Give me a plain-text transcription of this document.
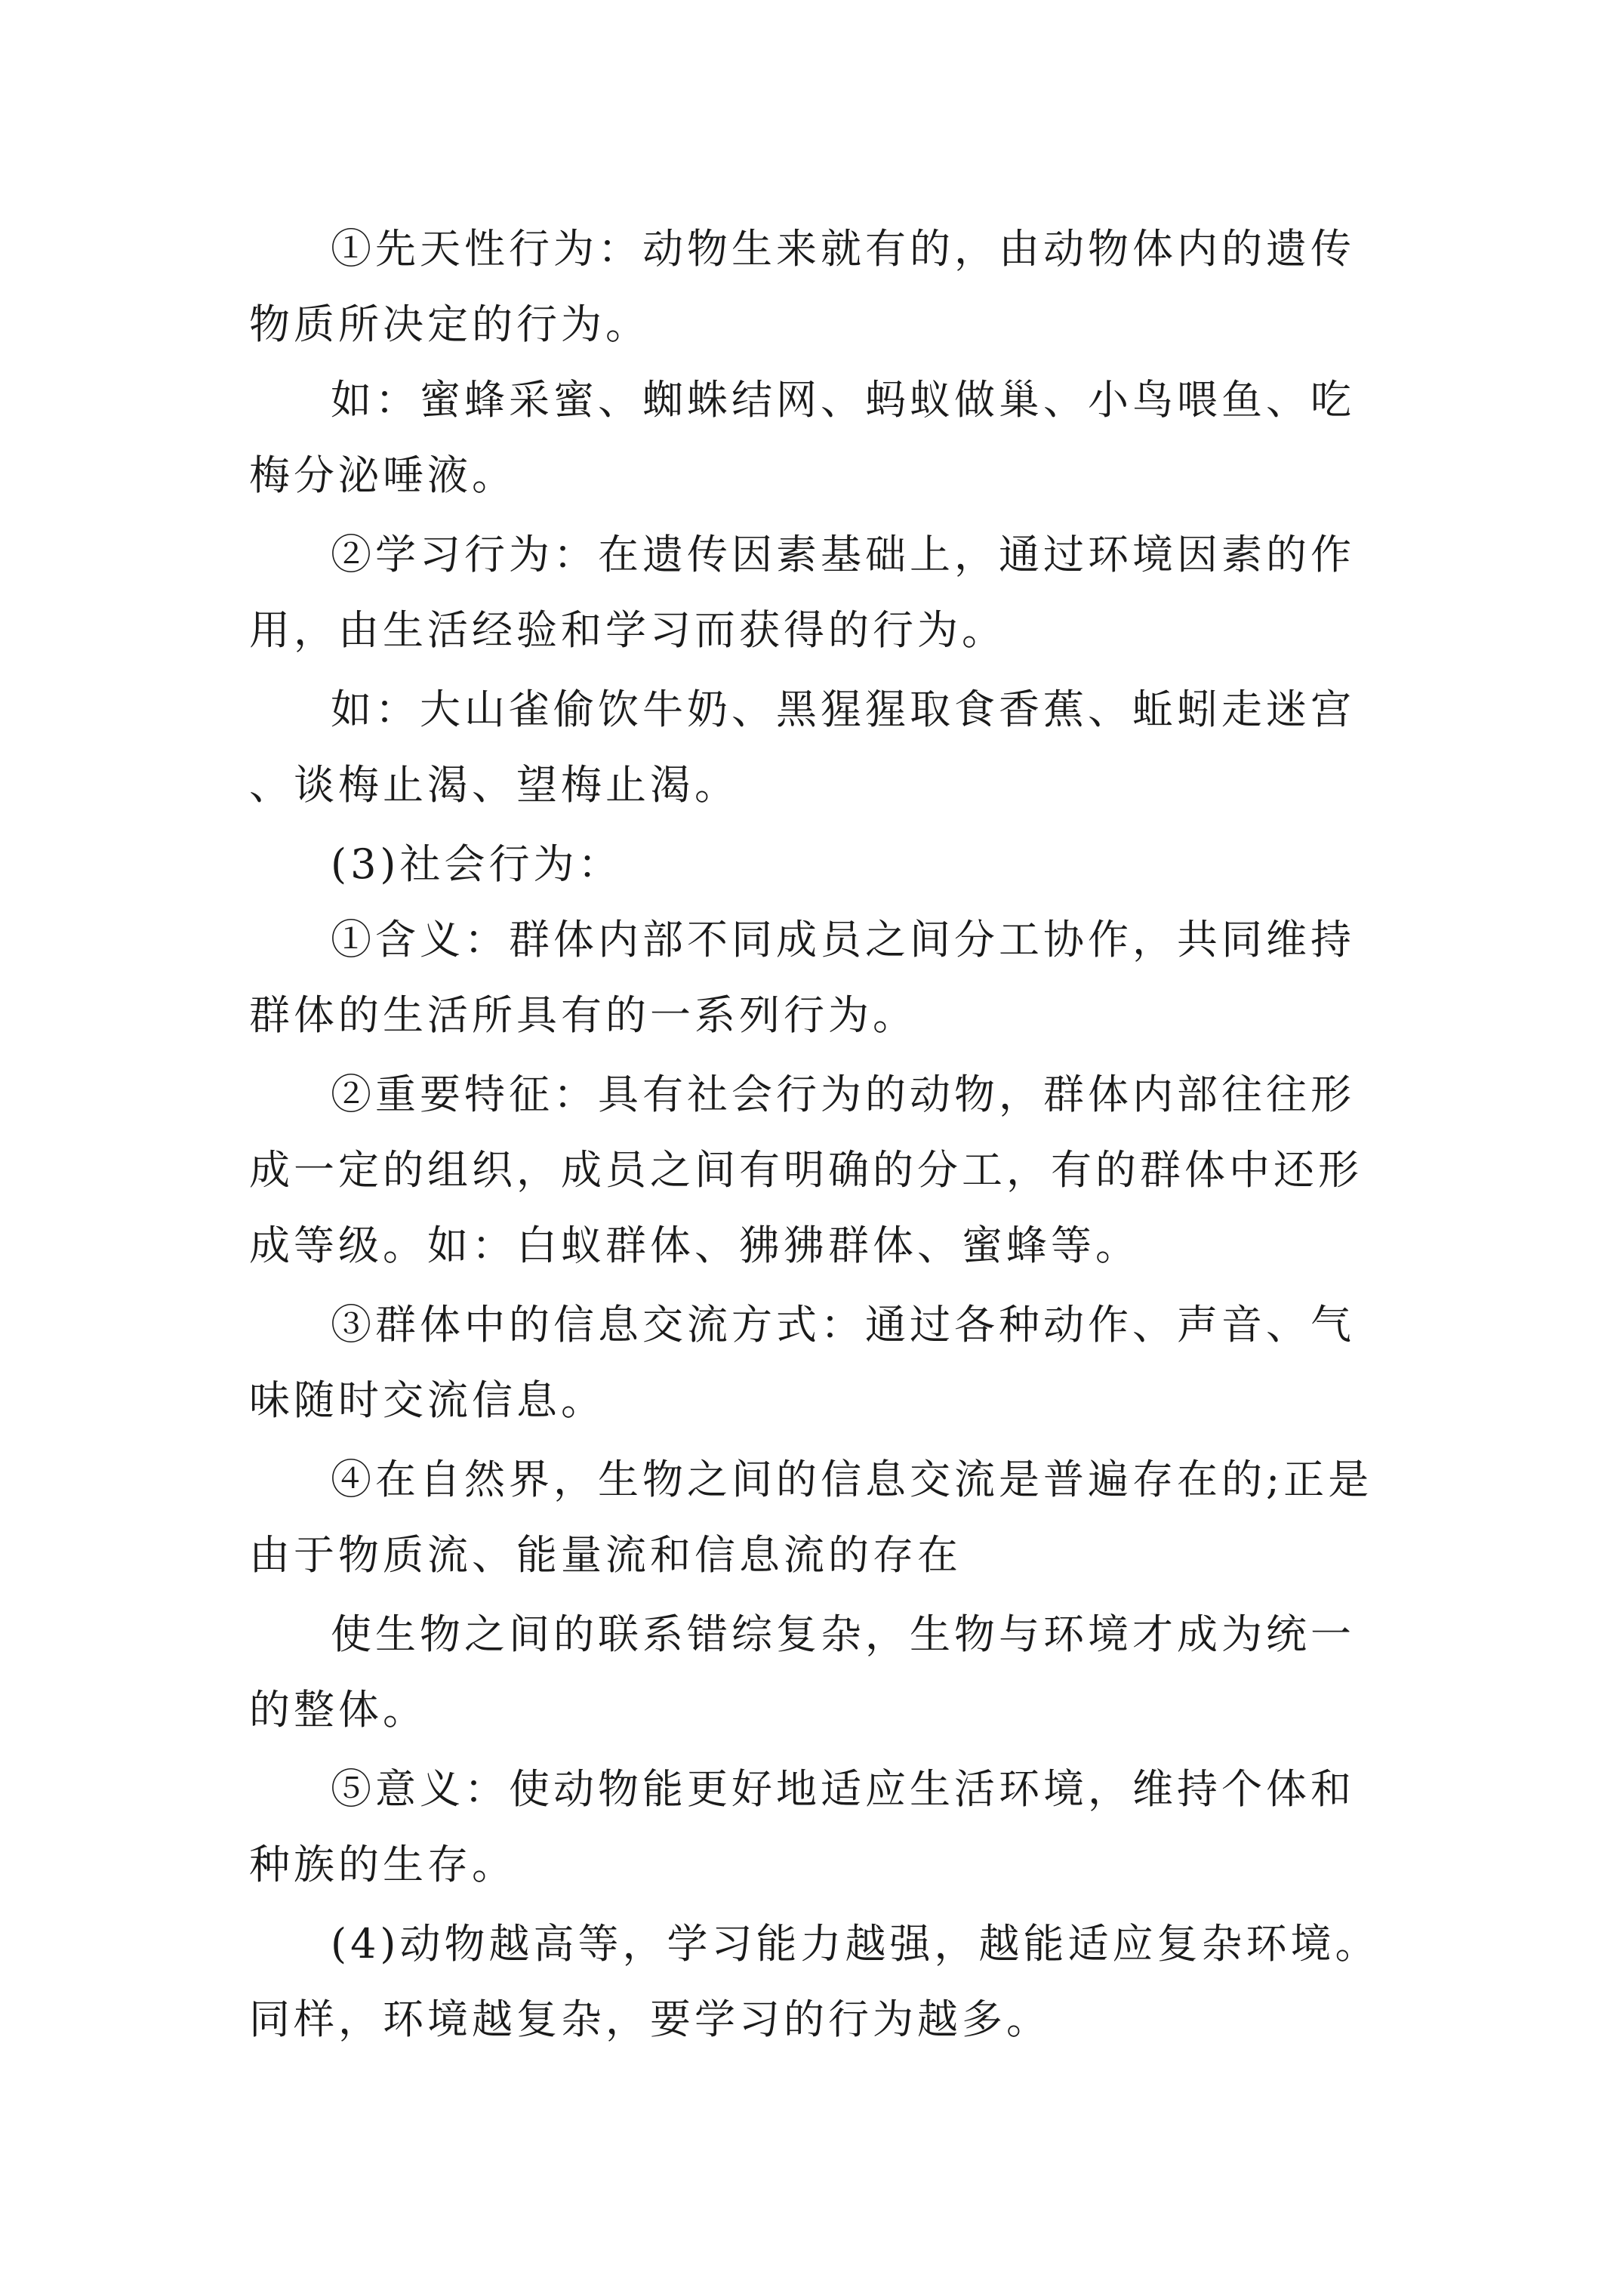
①先天性行为：动物生来就有的，由动物体内的遗传物质所决定的行为。

如：蜜蜂采蜜、蜘蛛结网、蚂蚁做巢、小鸟喂鱼、吃梅分泌唾液。

②学习行为：在遗传因素基础上，通过环境因素的作用，由生活经验和学习而获得的行为。

如：大山雀偷饮牛奶、黑猩猩取食香蕉、蚯蚓走迷宫、谈梅止渴、望梅止渴。

(3)社会行为：

①含义：群体内部不同成员之间分工协作，共同维持群体的生活所具有的一系列行为。

②重要特征：具有社会行为的动物，群体内部往往形成一定的组织，成员之间有明确的分工，有的群体中还形成等级。如：白蚁群体、狒狒群体、蜜蜂等。

③群体中的信息交流方式：通过各种动作、声音、气味随时交流信息。

④在自然界，生物之间的信息交流是普遍存在的;正是由于物质流、能量流和信息流的存在

使生物之间的联系错综复杂，生物与环境才成为统一的整体。

⑤意义：使动物能更好地适应生活环境，维持个体和种族的生存。

(4)动物越高等，学习能力越强，越能适应复杂环境。同样，环境越复杂，要学习的行为越多。
